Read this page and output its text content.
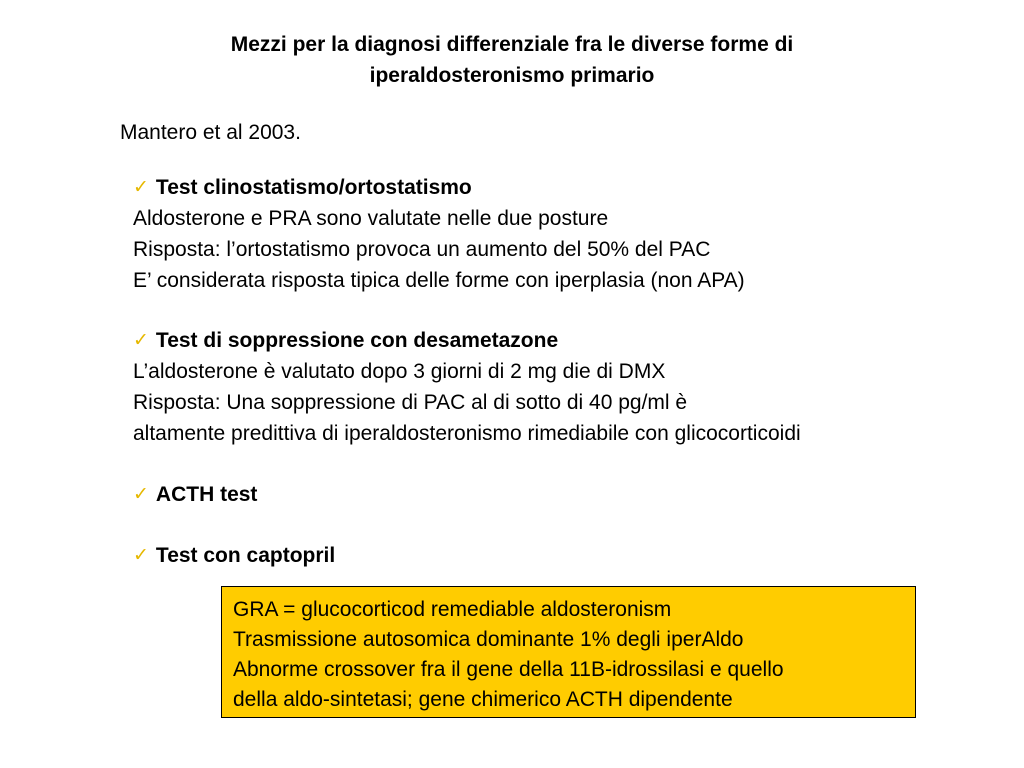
Mezzi per la diagnosi differenziale fra le diverse forme di
iperaldosteronismo primario
Mantero et al 2003.
✓ Test clinostatismo/ortostatismo
Aldosterone e PRA sono valutate nelle due posture
Risposta: l’ortostatismo provoca un aumento del 50% del PAC
E’ considerata risposta tipica delle forme con iperplasia (non APA)
✓ Test di soppressione con desametazone
L’aldosterone è valutato dopo 3 giorni di 2 mg die di DMX
Risposta: Una soppressione di PAC al di sotto di 40 pg/ml è
altamente predittiva di iperaldosteronismo rimediabile con glicocorticoidi
✓ ACTH test
✓ Test con captopril
GRA = glucocorticod remediable aldosteronism
Trasmissione autosomica dominante 1% degli iperAldo
Abnorme crossover fra il gene della 11B-idrossilasi e quello
della aldo-sintetasi; gene chimerico ACTH dipendente
